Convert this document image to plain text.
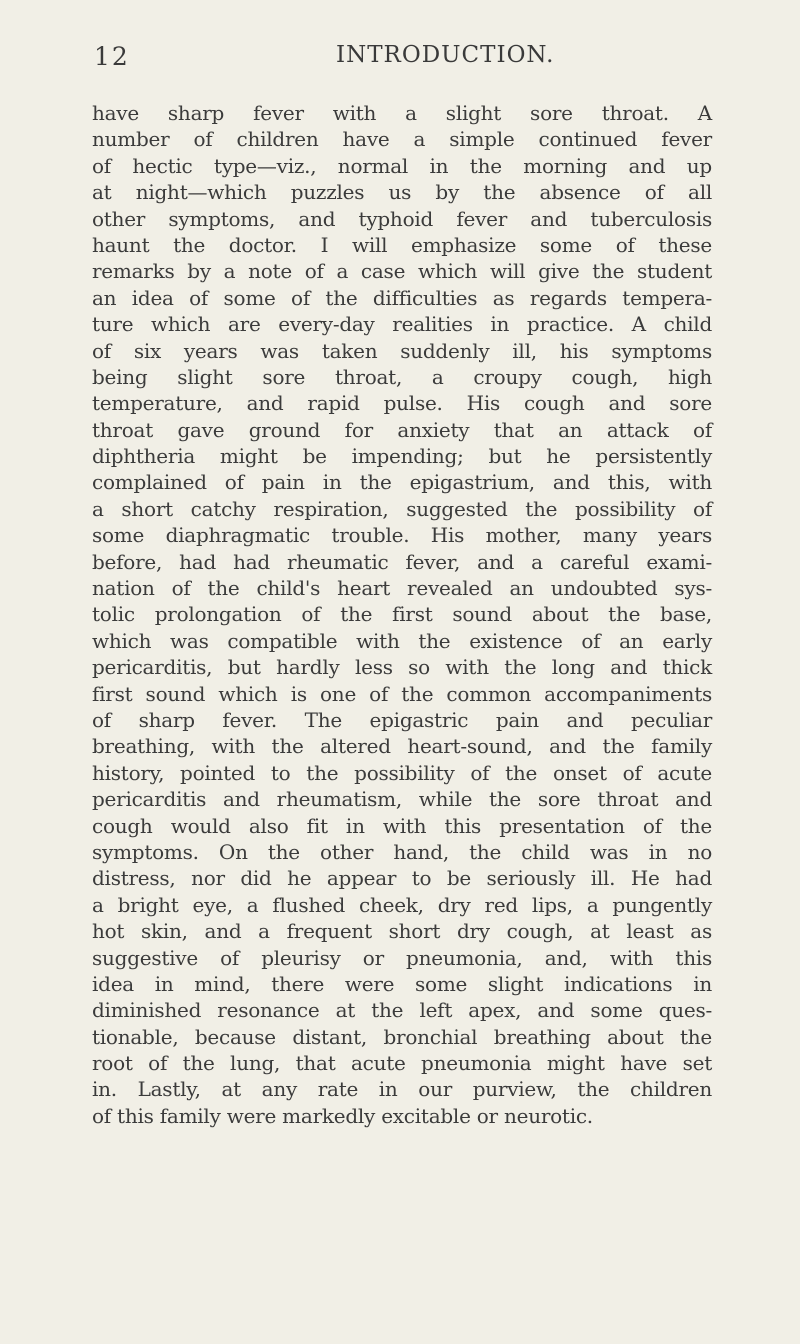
12	INTRODUCTION.
have sharp fever with a slight sore throat. A
number of children have a simple continued fever
of hectic type—viz., normal in the morning and up
at night—which puzzles us by the absence of all
other symptoms, and typhoid fever and tuberculosis
haunt the doctor. I will emphasize some of these
remarks by a note of a case which will give the student
an idea of some of the difficulties as regards tempera-
ture which are every-day realities in practice. A child
of six years was taken suddenly ill, his symptoms
being slight sore throat, a croupy cough, high
temperature, and rapid pulse. His cough and sore
throat gave ground for anxiety that an attack of
diphtheria might be impending; but he persistently
complained of pain in the epigastrium, and this, with
a short catchy respiration, suggested the possibility of
some diaphragmatic trouble. His mother, many years
before, had had rheumatic fever, and a careful exami-
nation of the child's heart revealed an undoubted sys-
tolic prolongation of the first sound about the base,
which was compatible with the existence of an early
pericarditis, but hardly less so with the long and thick
first sound which is one of the common accompaniments
of sharp fever. The epigastric pain and peculiar
breathing, with the altered heart-sound, and the family
history, pointed to the possibility of the onset of acute
pericarditis and rheumatism, while the sore throat and
cough would also fit in with this presentation of the
symptoms. On the other hand, the child was in no
distress, nor did he appear to be seriously ill. He had
a bright eye, a flushed cheek, dry red lips, a pungently
hot skin, and a frequent short dry cough, at least as
suggestive of pleurisy or pneumonia, and, with this
idea in mind, there were some slight indications in
diminished resonance at the left apex, and some ques-
tionable, because distant, bronchial breathing about the
root of the lung, that acute pneumonia might have set
in. Lastly, at any rate in our purview, the children
of this family were markedly excitable or neurotic.
